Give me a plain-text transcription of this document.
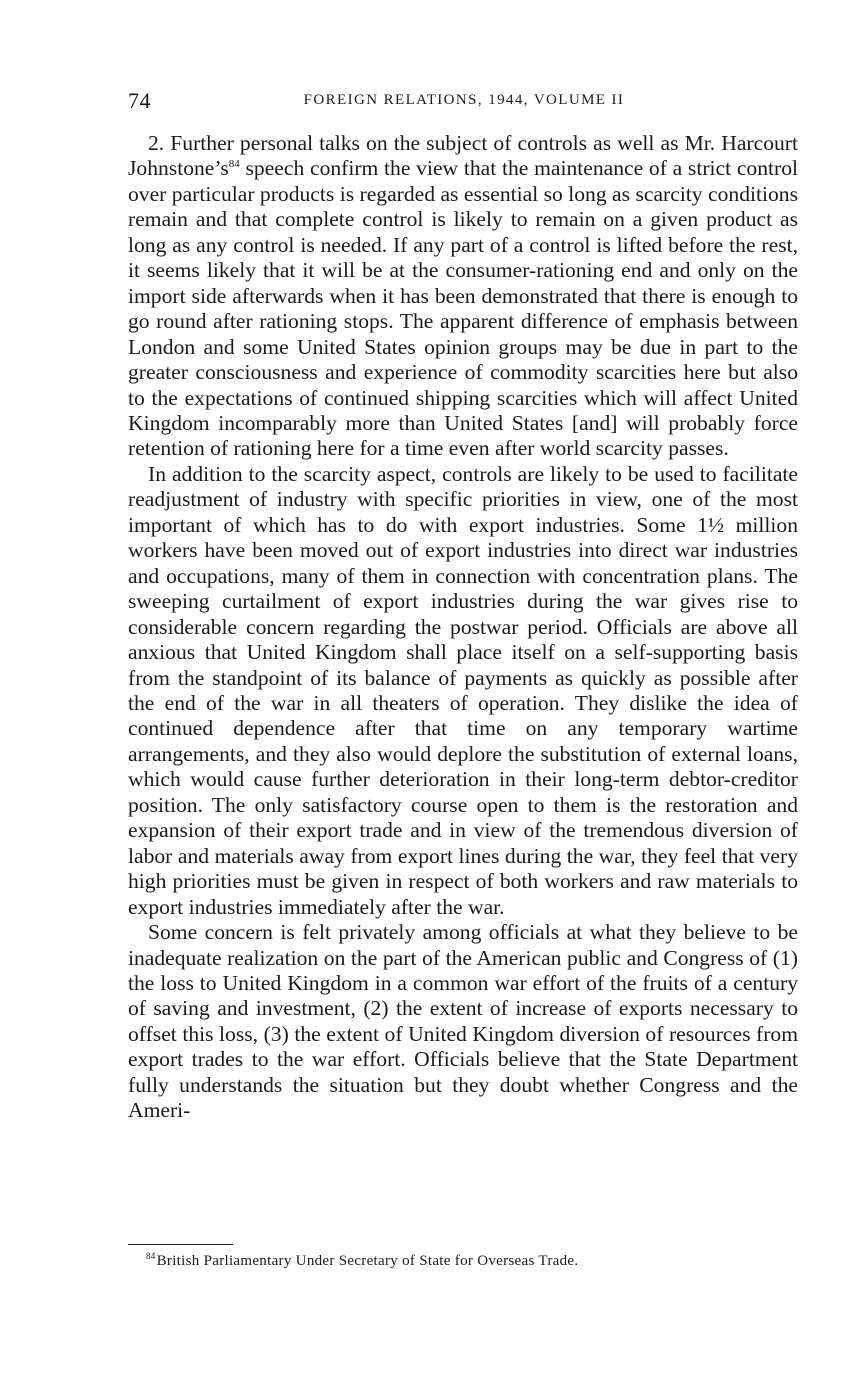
74	FOREIGN RELATIONS, 1944, VOLUME II

2. Further personal talks on the subject of controls as well as Mr. Harcourt Johnstone’s$^{84}$ speech confirm the view that the maintenance of a strict control over particular products is regarded as essential so long as scarcity conditions remain and that complete control is likely to remain on a given product as long as any control is needed. If any part of a control is lifted before the rest, it seems likely that it will be at the consumer-rationing end and only on the import side afterwards when it has been demonstrated that there is enough to go round after rationing stops. The apparent difference of emphasis between London and some United States opinion groups may be due in part to the greater consciousness and experience of commodity scarcities here but also to the expectations of continued shipping scarcities which will affect United Kingdom incomparably more than United States [and] will probably force retention of rationing here for a time even after world scarcity passes.

In addition to the scarcity aspect, controls are likely to be used to facilitate readjustment of industry with specific priorities in view, one of the most important of which has to do with export industries. Some 1½ million workers have been moved out of export industries into direct war industries and occupations, many of them in connection with concentration plans. The sweeping curtailment of export industries during the war gives rise to considerable concern regarding the postwar period. Officials are above all anxious that United Kingdom shall place itself on a self-supporting basis from the standpoint of its balance of payments as quickly as possible after the end of the war in all theaters of operation. They dislike the idea of continued dependence after that time on any temporary wartime arrangements, and they also would deplore the substitution of external loans, which would cause further deterioration in their long-term debtor-creditor position. The only satisfactory course open to them is the restoration and expansion of their export trade and in view of the tremendous diversion of labor and materials away from export lines during the war, they feel that very high priorities must be given in respect of both workers and raw materials to export industries immediately after the war.

Some concern is felt privately among officials at what they believe to be inadequate realization on the part of the American public and Congress of (1) the loss to United Kingdom in a common war effort of the fruits of a century of saving and investment, (2) the extent of increase of exports necessary to offset this loss, (3) the extent of United Kingdom diversion of resources from export trades to the war effort. Officials believe that the State Department fully understands the situation but they doubt whether Congress and the Ameri-

$^{84}$British Parliamentary Under Secretary of State for Overseas Trade.
